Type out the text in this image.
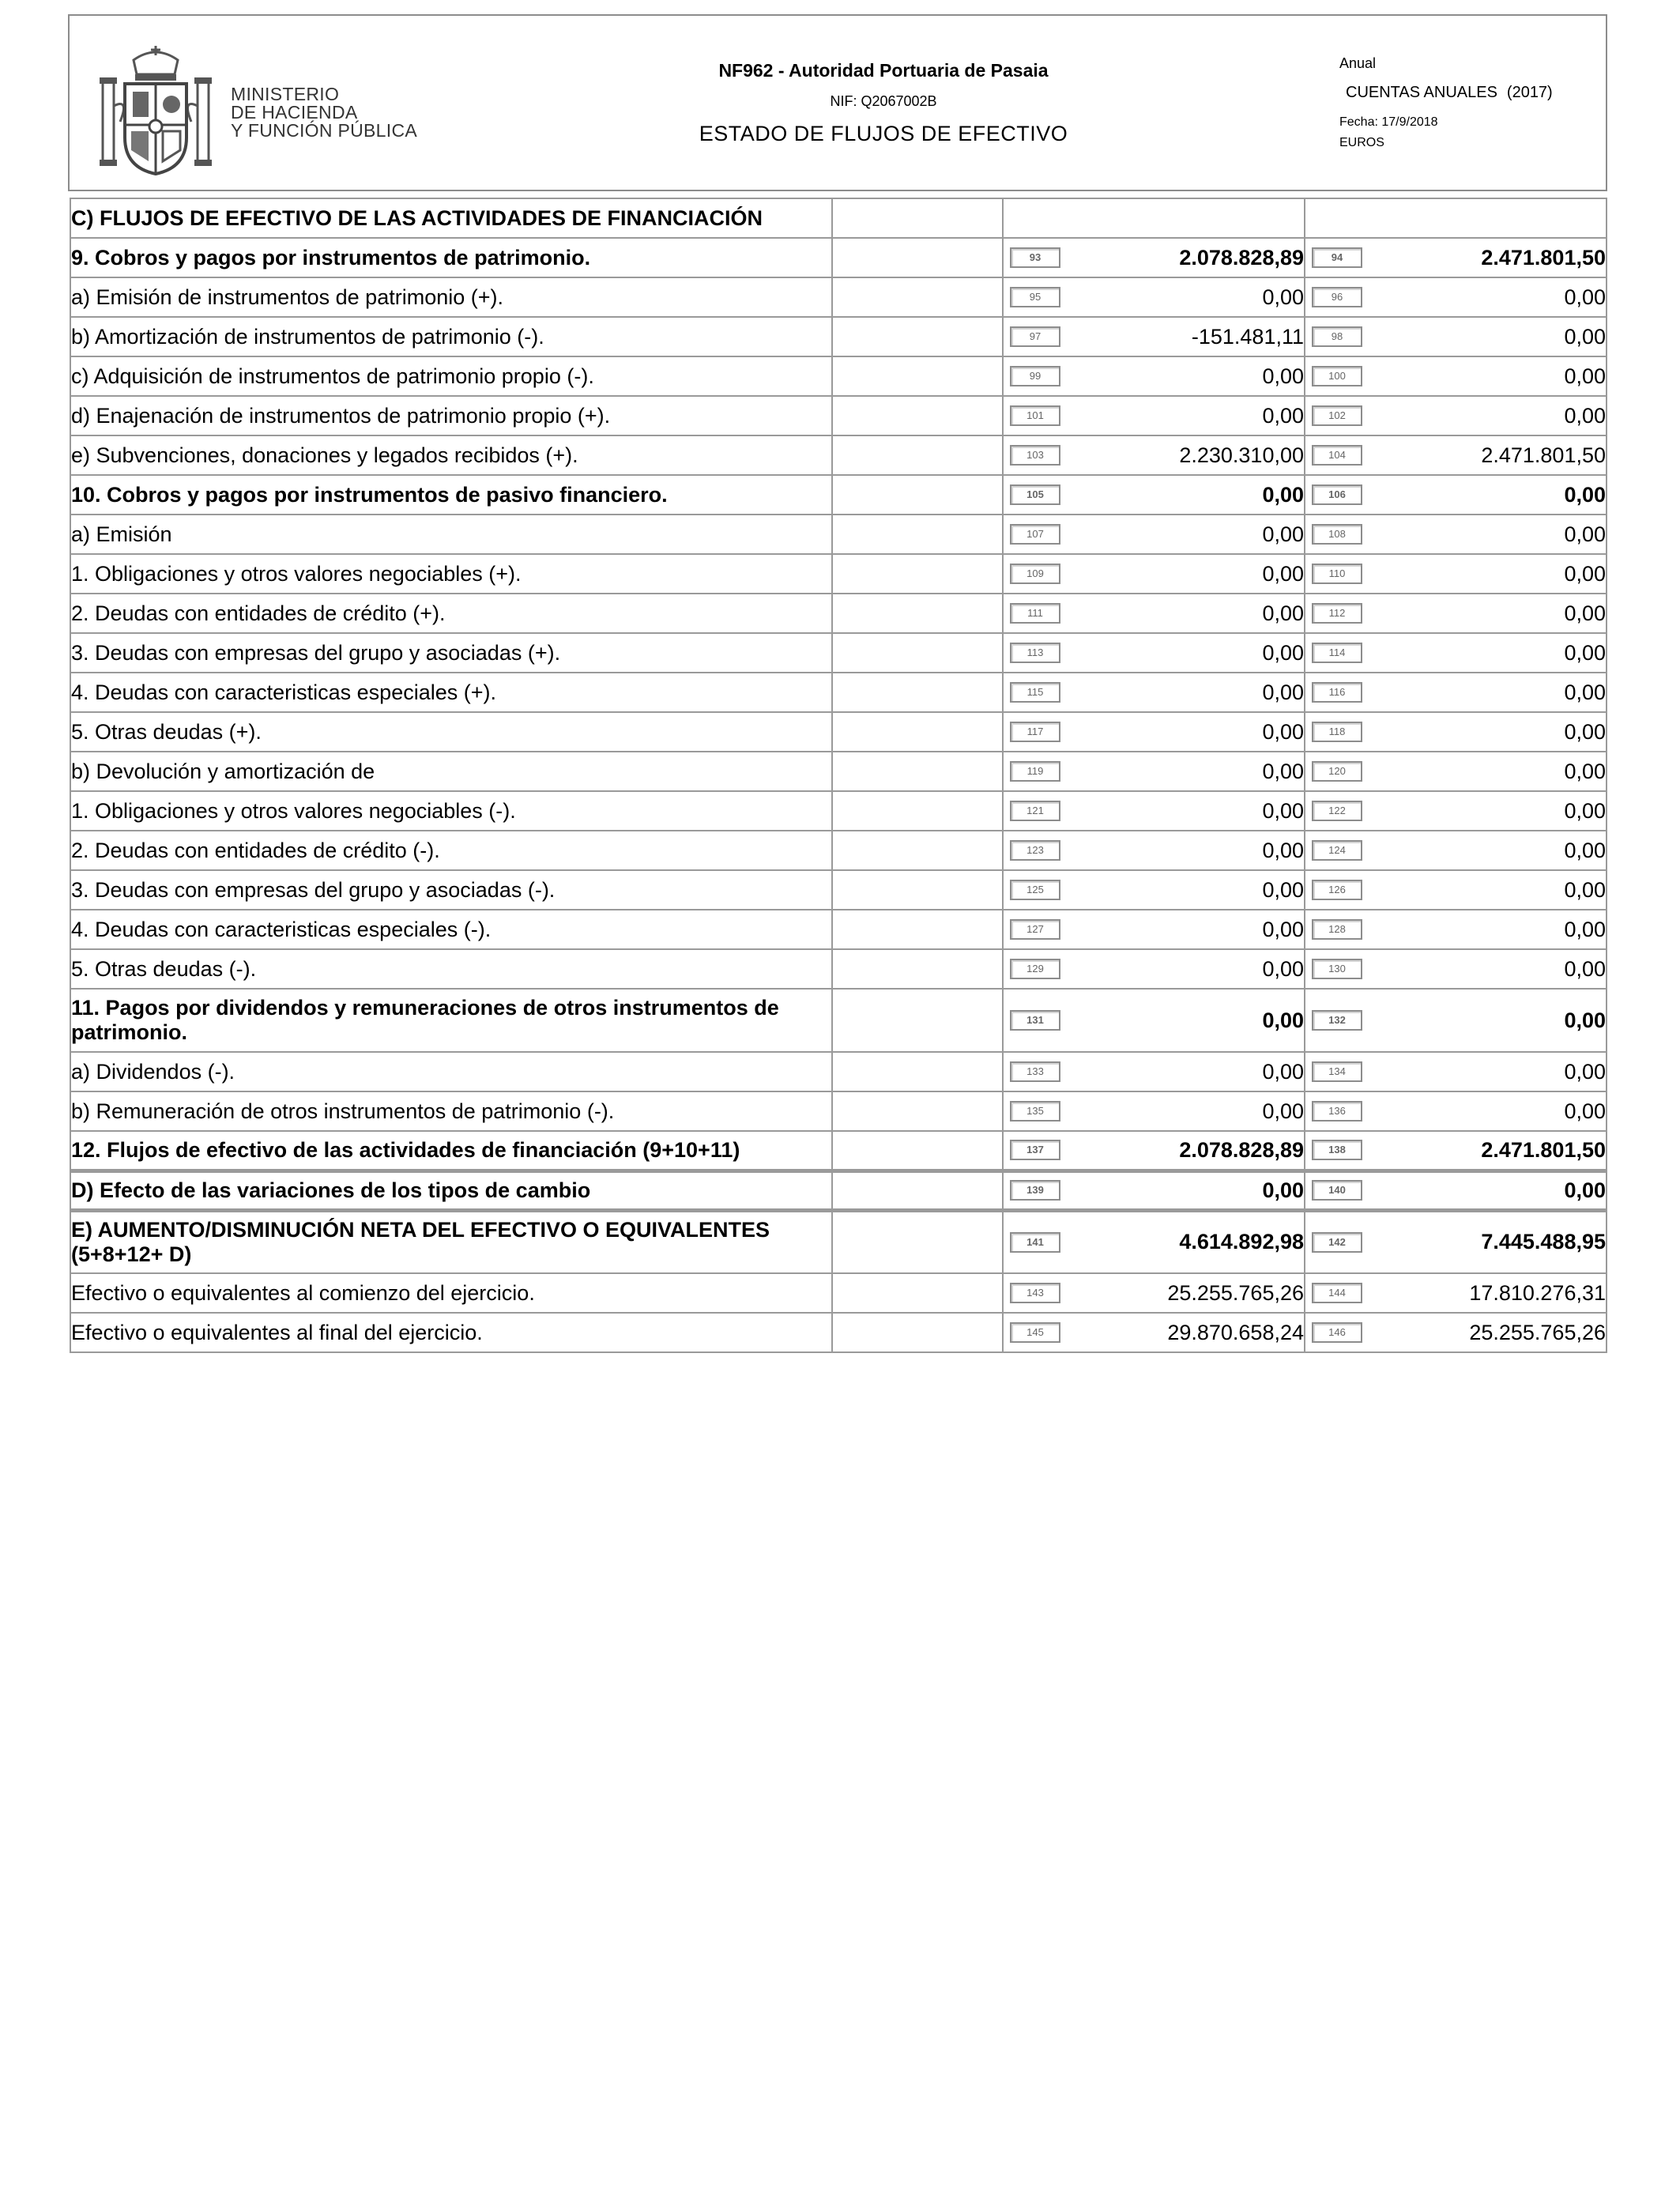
MINISTERIO
DE HACIENDA
Y FUNCIÓN PÚBLICA
NF962 - Autoridad Portuaria de Pasaia
NIF: Q2067002B
ESTADO DE FLUJOS DE EFECTIVO
Anual
CUENTAS ANUALES (2017)
Fecha: 17/9/2018
EUROS
C) FLUJOS DE EFECTIVO DE LAS ACTIVIDADES DE FINANCIACIÓN			
9. Cobros y pagos por instrumentos de patrimonio.		93 2.078.828,89	94 2.471.801,50
a) Emisión de instrumentos de patrimonio (+).		95 0,00	96 0,00
b) Amortización de instrumentos de patrimonio (-).		97 -151.481,11	98 0,00
c) Adquisición de instrumentos de patrimonio propio (-).		99 0,00	100 0,00
d) Enajenación de instrumentos de patrimonio propio (+).		101 0,00	102 0,00
e) Subvenciones, donaciones y legados recibidos (+).		103 2.230.310,00	104 2.471.801,50
10. Cobros y pagos por instrumentos de pasivo financiero.		105 0,00	106 0,00
a) Emisión		107 0,00	108 0,00
1. Obligaciones y otros valores negociables (+).		109 0,00	110 0,00
2. Deudas con entidades de crédito (+).		111 0,00	112 0,00
3. Deudas con empresas del grupo y asociadas (+).		113 0,00	114 0,00
4. Deudas con caracteristicas especiales (+).		115 0,00	116 0,00
5. Otras deudas (+).		117 0,00	118 0,00
b) Devolución y amortización de		119 0,00	120 0,00
1. Obligaciones y otros valores negociables (-).		121 0,00	122 0,00
2. Deudas con entidades de crédito (-).		123 0,00	124 0,00
3. Deudas con empresas del grupo y asociadas (-).		125 0,00	126 0,00
4. Deudas con caracteristicas especiales (-).		127 0,00	128 0,00
5. Otras deudas (-).		129 0,00	130 0,00
11. Pagos por dividendos y remuneraciones de otros instrumentos de patrimonio.		131 0,00	132 0,00
a) Dividendos (-).		133 0,00	134 0,00
b) Remuneración de otros instrumentos de patrimonio (-).		135 0,00	136 0,00
12. Flujos de efectivo de las actividades de financiación (9+10+11)		137 2.078.828,89	138 2.471.801,50
D) Efecto de las variaciones de los tipos de cambio		139 0,00	140 0,00
E) AUMENTO/DISMINUCIÓN NETA DEL EFECTIVO O EQUIVALENTES (5+8+12+ D)		141 4.614.892,98	142 7.445.488,95
Efectivo o equivalentes al comienzo del ejercicio.		143 25.255.765,26	144 17.810.276,31
Efectivo o equivalentes al final del ejercicio.		145 29.870.658,24	146 25.255.765,26
